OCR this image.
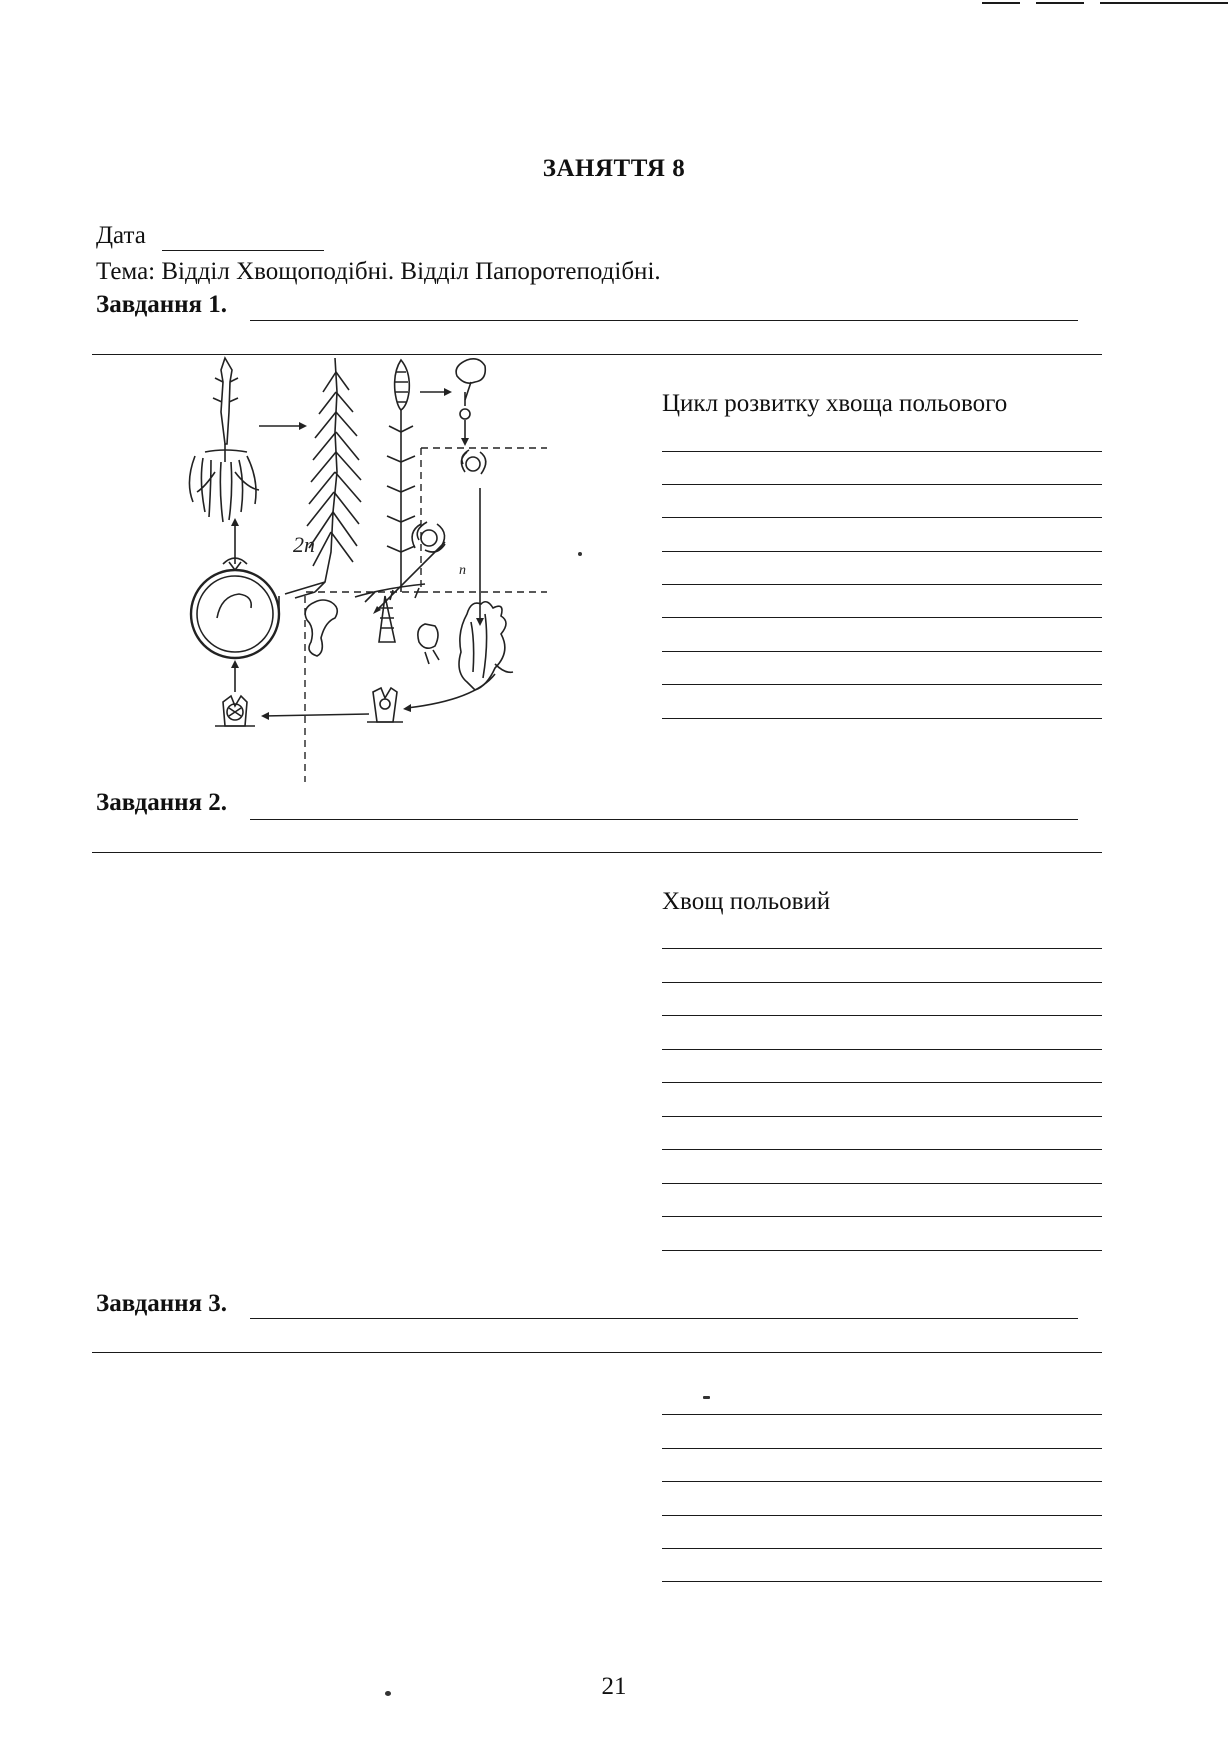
ЗАНЯТТЯ 8
Дата
Тема: Відділ Хвощоподібні. Відділ Папоротеподібні.
Завдання 1.
2n
n
Цикл розвитку хвоща польового
Завдання 2.
Хвощ польовий
Завдання 3.
21
